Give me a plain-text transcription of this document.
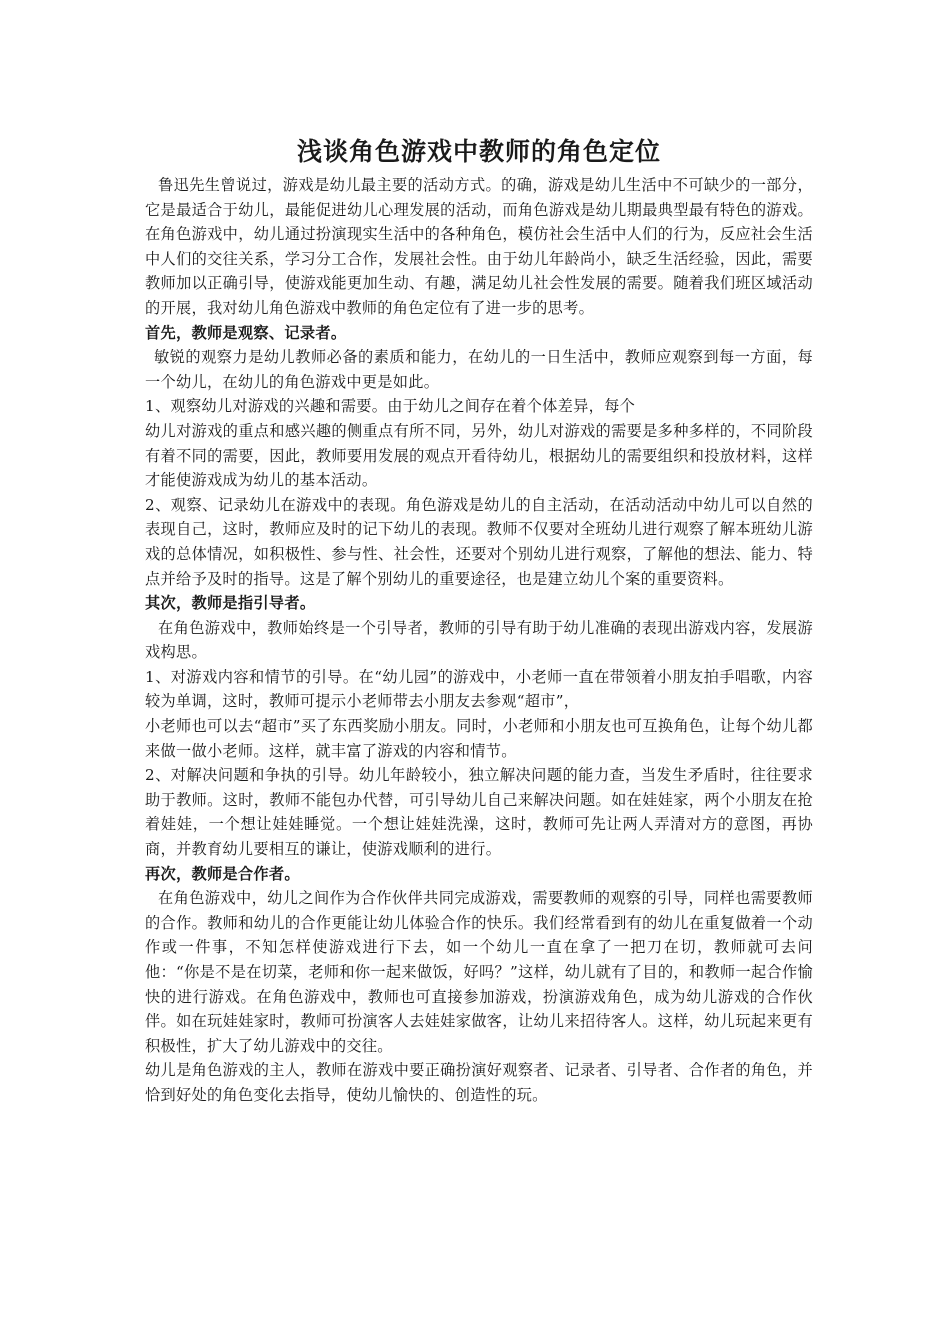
浅谈角色游戏中教师的角色定位

鲁迅先生曾说过，游戏是幼儿最主要的活动方式。的确，游戏是幼儿生活中不可缺少的一部分，它是最适合于幼儿，最能促进幼儿心理发展的活动，而角色游戏是幼儿期最典型最有特色的游戏。在角色游戏中，幼儿通过扮演现实生活中的各种角色，模仿社会生活中人们的行为，反应社会生活中人们的交往关系，学习分工合作，发展社会性。由于幼儿年龄尚小，缺乏生活经验，因此，需要教师加以正确引导，使游戏能更加生动、有趣，满足幼儿社会性发展的需要。随着我们班区域活动的开展，我对幼儿角色游戏中教师的角色定位有了进一步的思考。

首先，教师是观察、记录者。

敏锐的观察力是幼儿教师必备的素质和能力，在幼儿的一日生活中，教师应观察到每一方面，每一个幼儿，在幼儿的角色游戏中更是如此。

1、观察幼儿对游戏的兴趣和需要。由于幼儿之间存在着个体差异，每个

幼儿对游戏的重点和感兴趣的侧重点有所不同，另外，幼儿对游戏的需要是多种多样的，不同阶段有着不同的需要，因此，教师要用发展的观点开看待幼儿，根据幼儿的需要组织和投放材料，这样才能使游戏成为幼儿的基本活动。

2、观察、记录幼儿在游戏中的表现。角色游戏是幼儿的自主活动，在活动活动中幼儿可以自然的表现自己，这时，教师应及时的记下幼儿的表现。教师不仅要对全班幼儿进行观察了解本班幼儿游戏的总体情况，如积极性、参与性、社会性，还要对个别幼儿进行观察，了解他的想法、能力、特点并给予及时的指导。这是了解个别幼儿的重要途径，也是建立幼儿个案的重要资料。

其次，教师是指引导者。

在角色游戏中，教师始终是一个引导者，教师的引导有助于幼儿准确的表现出游戏内容，发展游戏构思。

1、对游戏内容和情节的引导。在“幼儿园”的游戏中，小老师一直在带领着小朋友拍手唱歌，内容较为单调，这时，教师可提示小老师带去小朋友去参观“超市”，

小老师也可以去“超市”买了东西奖励小朋友。同时，小老师和小朋友也可互换角色，让每个幼儿都来做一做小老师。这样，就丰富了游戏的内容和情节。

2、对解决问题和争执的引导。幼儿年龄较小，独立解决问题的能力查，当发生矛盾时，往往要求助于教师。这时，教师不能包办代替，可引导幼儿自己来解决问题。如在娃娃家，两个小朋友在抢着娃娃，一个想让娃娃睡觉。一个想让娃娃洗澡，这时，教师可先让两人弄清对方的意图，再协商，并教育幼儿要相互的谦让，使游戏顺利的进行。

再次，教师是合作者。

在角色游戏中，幼儿之间作为合作伙伴共同完成游戏，需要教师的观察的引导，同样也需要教师的合作。教师和幼儿的合作更能让幼儿体验合作的快乐。我们经常看到有的幼儿在重复做着一个动作或一件事，不知怎样使游戏进行下去，如一个幼儿一直在拿了一把刀在切，教师就可去问他：“你是不是在切菜，老师和你一起来做饭，好吗？”这样，幼儿就有了目的，和教师一起合作愉快的进行游戏。在角色游戏中，教师也可直接参加游戏，扮演游戏角色，成为幼儿游戏的合作伙伴。如在玩娃娃家时，教师可扮演客人去娃娃家做客，让幼儿来招待客人。这样，幼儿玩起来更有积极性，扩大了幼儿游戏中的交往。

幼儿是角色游戏的主人，教师在游戏中要正确扮演好观察者、记录者、引导者、合作者的角色，并恰到好处的角色变化去指导，使幼儿愉快的、创造性的玩。
